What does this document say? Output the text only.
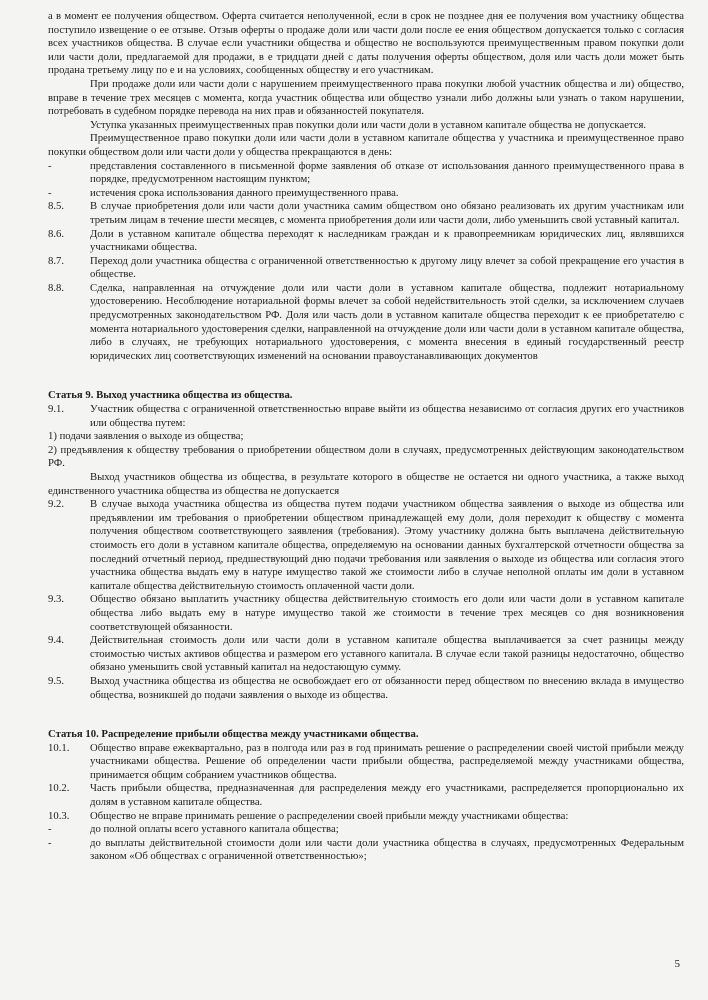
а в момент ее получения обществом. Оферта считается неполученной, если в срок не позднее дня ее получения вом участнику общества поступило извещение о ее отзыве. Отзыв оферты о продаже доли или части доли после ее ения обществом допускается только с согласия всех участников общества. В случае если участники общества и общество не воспользуются преимущественным правом покупки доли или части доли, предлагаемой для продажи, в е тридцати дней с даты получения оферты обществом, доля или часть доли может быть продана третьему лицу по е и на условиях, сообщенных обществу и его участникам.

При продаже доли или части доли с нарушением преимущественного права покупки любой участник общества и ли) общество, вправе в течение трех месяцев с момента, когда участник общества или общество узнали либо должны ыли узнать о таком нарушении, потребовать в судебном порядке перевода на них прав и обязанностей покупателя.

Уступка указанных преимущественных прав покупки доли или части доли в уставном капитале общества не допускается.

Преимущественное право покупки доли или части доли в уставном капитале общества у участника и преимущественное право покупки обществом доли или части доли у общества прекращаются в день:

-	представления составленного в письменной форме заявления об отказе от использования данного преимущественного права в порядке, предусмотренном настоящим пунктом;
-	истечения срока использования данного преимущественного права.
8.5.	В случае приобретения доли или части доли участника самим обществом оно обязано реализовать их другим участникам или третьим лицам в течение шести месяцев, с момента приобретения доли или части доли, либо уменьшить свой уставный капитал.
8.6.	Доли в уставном капитале общества переходят к наследникам граждан и к правопреемникам юридических лиц, являвшихся участниками общества.
8.7.	Переход доли участника общества с ограниченной ответственностью к другому лицу влечет за собой прекращение его участия в обществе.
8.8.	Сделка, направленная на отчуждение доли или части доли в уставном капитале общества, подлежит нотариальному удостоверению. Несоблюдение нотариальной формы влечет за собой недействительность этой сделки, за исключением случаев предусмотренных законодательством РФ. Доля или часть доли в уставном капитале общества переходит к ее приобретателю с момента нотариального удостоверения сделки, направленной на отчуждение доли или части доли в уставном капитале общества, либо в случаях, не требующих нотариального удостоверения, с момента внесения в единый государственный реестр юридических лиц соответствующих изменений на основании правоустанавливающих документов

Статья 9. Выход участника общества из общества.

9.1.	Участник общества с ограниченной ответственностью вправе выйти из общества независимо от согласия других его участников или общества путем:

1) подачи заявления о выходе из общества;

2) предъявления к обществу требования о приобретении обществом доли в случаях, предусмотренных действующим законодательством РФ.

Выход участников общества из общества, в результате которого в обществе не остается ни одного участника, а также выход единственного участника общества из общества не допускается

9.2.	В случае выхода участника общества из общества путем подачи участником общества заявления о выходе из общества или предъявлении им требования о приобретении обществом принадлежащей ему доли, доля переходит к обществу с момента получения обществом соответствующего заявления (требования). Этому участнику должна быть выплачена действительную стоимость его доли в уставном капитале общества, определяемую на основании данных бухгалтерской отчетности общества за последний отчетный период, предшествующий дню подачи требования или заявления о выходе из общества или согласия этого участника общества выдать ему в натуре имущество такой же стоимости либо в случае неполной оплаты им доли в уставном капитале общества действительную стоимость оплаченной части доли.
9.3.	Общество обязано выплатить участнику общества действительную стоимость его доли или части доли в уставном капитале общества либо выдать ему в натуре имущество такой же стоимости в течение трех месяцев со дня возникновения соответствующей обязанности.
9.4.	Действительная стоимость доли или части доли в уставном капитале общества выплачивается за счет разницы между стоимостью чистых активов общества и размером его уставного капитала. В случае если такой разницы недостаточно, общество обязано уменьшить свой уставный капитал на недостающую сумму.
9.5.	Выход участника общества из общества не освобождает его от обязанности перед обществом по внесению вклада в имущество общества, возникшей до подачи заявления о выходе из общества.

Статья 10. Распределение прибыли общества между участниками общества.

10.1.	Общество вправе ежеквартально, раз в полгода или раз в год принимать решение о распределении своей чистой прибыли между участниками общества. Решение об определении части прибыли общества, распределяемой между участниками общества, принимается общим собранием участников общества.
10.2.	Часть прибыли общества, предназначенная для распределения между его участниками, распределяется пропорционально их долям в уставном капитале общества.
10.3.	Общество не вправе принимать решение о распределении своей прибыли между участниками общества:
-	до полной оплаты всего уставного капитала общества;
-	до выплаты действительной стоимости доли или части доли участника общества в случаях, предусмотренных Федеральным законом «Об обществах с ограниченной ответственностью»;
5
